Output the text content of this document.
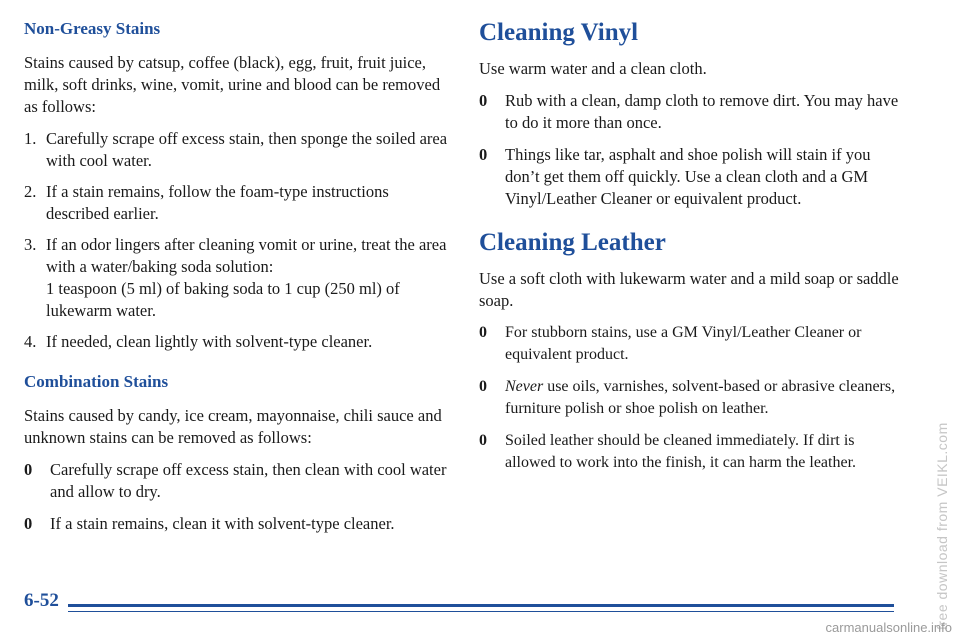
Non-Greasy Stains

Stains caused by catsup, coffee (black), egg, fruit, fruit juice, milk, soft drinks, wine, vomit, urine and blood can be removed as follows:

1. Carefully scrape off excess stain, then sponge the soiled area with cool water.
2. If a stain remains, follow the foam-type instructions described earlier.
3. If an odor lingers after cleaning vomit or urine, treat the area with a water/baking soda solution:
1 teaspoon (5 ml) of baking soda to 1 cup (250 ml) of lukewarm water.
4. If needed, clean lightly with solvent-type cleaner.
Combination Stains

Stains caused by candy, ice cream, mayonnaise, chili sauce and unknown stains can be removed as follows:

0 Carefully scrape off excess stain, then clean with cool water and allow to dry.
0 If a stain remains, clean it with solvent-type cleaner.
Cleaning Vinyl

Use warm water and a clean cloth.

0 Rub with a clean, damp cloth to remove dirt. You may have to do it more than once.
0 Things like tar, asphalt and shoe polish will stain if you don’t get them off quickly. Use a clean cloth and a GM Vinyl/Leather Cleaner or equivalent product.
Cleaning Leather

Use a soft cloth with lukewarm water and a mild soap or saddle soap.

0 For stubborn stains, use a GM Vinyl/Leather Cleaner or equivalent product.
0 Never use oils, varnishes, solvent-based or abrasive cleaners, furniture polish or shoe polish on leather.
0 Soiled leather should be cleaned immediately. If dirt is allowed to work into the finish, it can harm the leather.
6-52	free download from VEIKL.com
carmanualsonline.info
